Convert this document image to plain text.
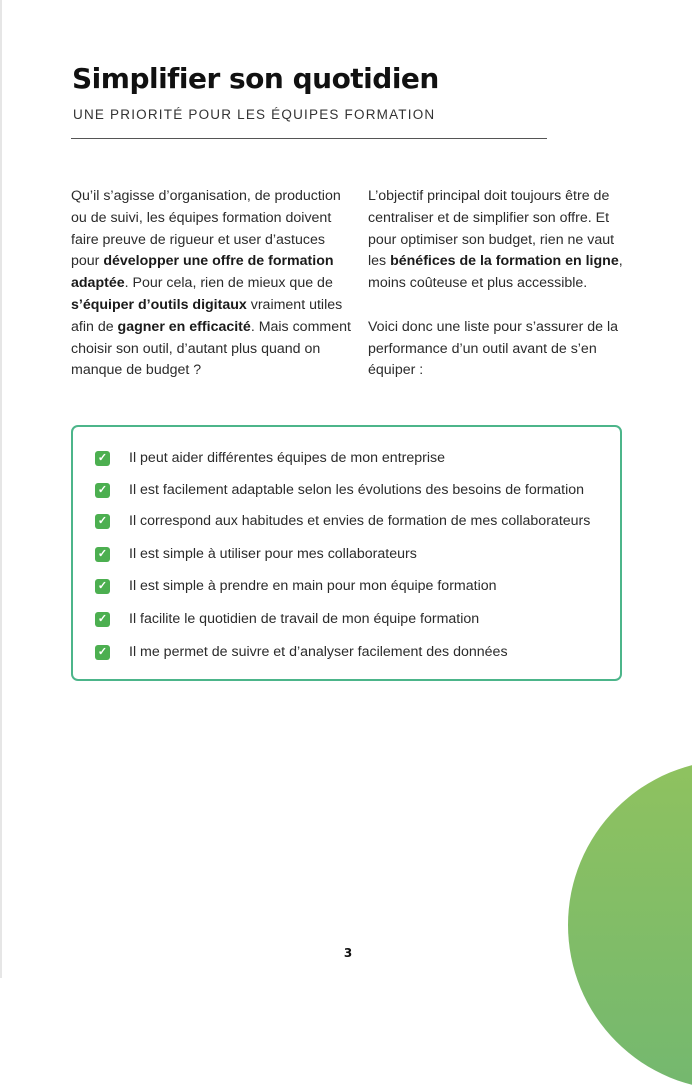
Simplifier son quotidien
UNE PRIORITÉ POUR LES ÉQUIPES FORMATION

Qu’il s’agisse d’organisation, de production ou de suivi, les équipes formation doivent faire preuve de rigueur et user d’astuces pour développer une offre de formation adaptée. Pour cela, rien de mieux que de s’équiper d’outils digitaux vraiment utiles afin de gagner en efficacité. Mais comment choisir son outil, d’autant plus quand on manque de budget ?

L’objectif principal doit toujours être de centraliser et de simplifier son offre. Et pour optimiser son budget, rien ne vaut les bénéfices de la formation en ligne, moins coûteuse et plus accessible.

Voici donc une liste pour s’assurer de la performance d’un outil avant de s’en équiper :

✓ Il peut aider différentes équipes de mon entreprise
✓ Il est facilement adaptable selon les évolutions des besoins de formation
✓ Il correspond aux habitudes et envies de formation de mes collaborateurs
✓ Il est simple à utiliser pour mes collaborateurs
✓ Il est simple à prendre en main pour mon équipe formation
✓ Il facilite le quotidien de travail de mon équipe formation
✓ Il me permet de suivre et d’analyser facilement des données
3
